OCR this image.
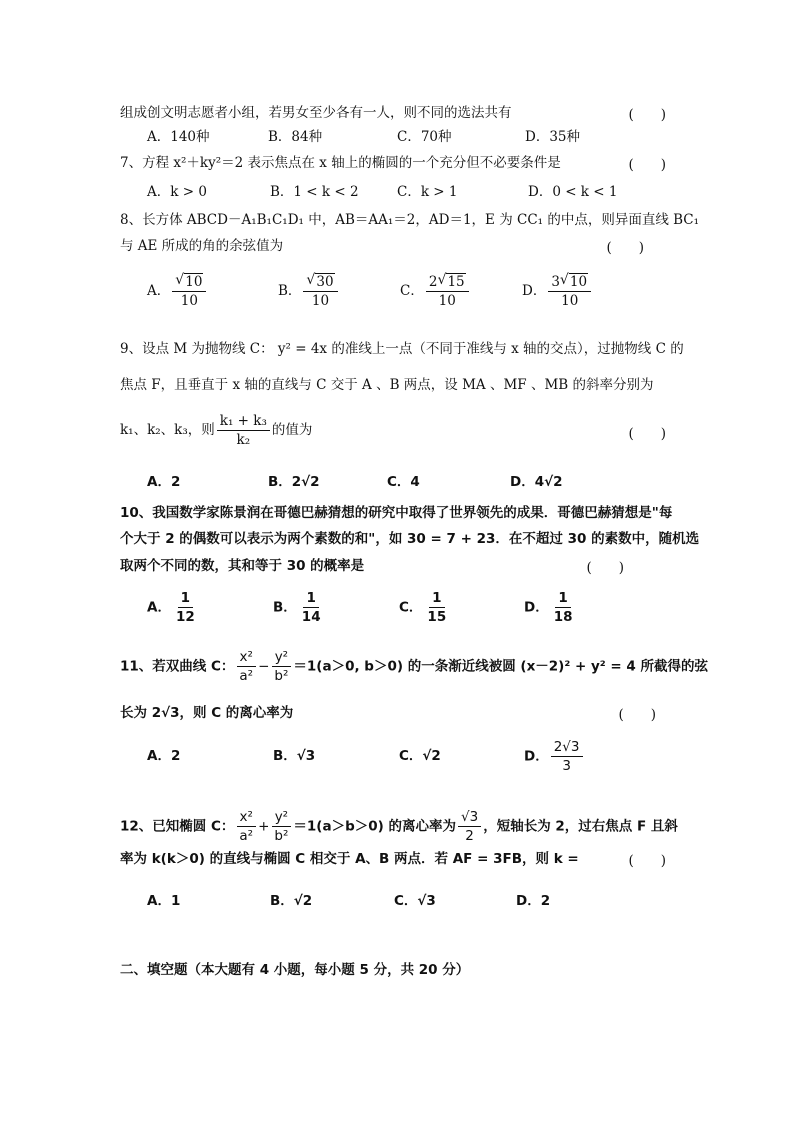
组成创文明志愿者小组，若男女至少各有一人，则不同的选法共有	(　　)
A．140种	B．84种	C．70种	D．35种
7、方程 x²＋ky²＝2 表示焦点在 x 轴上的椭圆的一个充分但不必要条件是	(　　)
A．k > 0	B．1 < k < 2	C．k > 1	D．0 < k < 1
8、长方体 ABCD－A₁B₁C₁D₁ 中，AB＝AA₁＝2，AD＝1，E 为 CC₁ 的中点，则异面直线 BC₁
与 AE 所成的角的余弦值为	(　　)
A． $\frac{√ 10}{10}$	B． $\frac{√ 30}{10}$	C． $\frac{2 √ 15}{10}$	D． $\frac{3 √ 10}{10}$
9、设点 M 为抛物线 C： y² = 4x 的准线上一点（不同于准线与 x 轴的交点），过抛物线 C 的
焦点 F，且垂直于 x 轴的直线与 C 交于 A 、B 两点，设 MA 、MF 、MB 的斜率分别为
k₁、k₂、k₃，则 $\frac{\text{k₁ + k₃}}{\text{k₂}}$ 的值为	(　　)
A．2	B．2√2	C．4	D．4√2
10、我国数学家陈景润在哥德巴赫猜想的研究中取得了世界领先的成果．哥德巴赫猜想是"每
个大于 2 的偶数可以表示为两个素数的和"，如 30 = 7 + 23．在不超过 30 的素数中，随机选
取两个不同的数，其和等于 30 的概率是	(　　)
A． $\frac{1}{12}$	B． $\frac{1}{14}$	C． $\frac{1}{15}$	D． $\frac{1}{18}$
11、若双曲线 C： $\frac{\text{x²}}{\text{a²}} - \frac{\text{y²}}{\text{b²}} =1(a>0$, b＞0) 的一条渐近线被圆 (x－2)² + y² = 4 所截得的弦
长为 2√3，则 C 的离心率为	(　　)
A．2	B．√3	C．√2	D． $\frac{2√3}{3}$
12、已知椭圆 C： $\frac{\text{x²}}{\text{a²}} + \frac{\text{y²}}{\text{b²}} =1(a>b>0)$ 的离心率为 $\frac{√3}{2}$ ，短轴长为 2，过右焦点 F 且斜
率为 k(k＞0) 的直线与椭圆 C 相交于 A、B 两点．若 AF = 3FB，则 k =	(　　)
A．1	B．√2	C．√3	D．2
二、填空题（本大题有 4 小题，每小题 5 分，共 20 分）
